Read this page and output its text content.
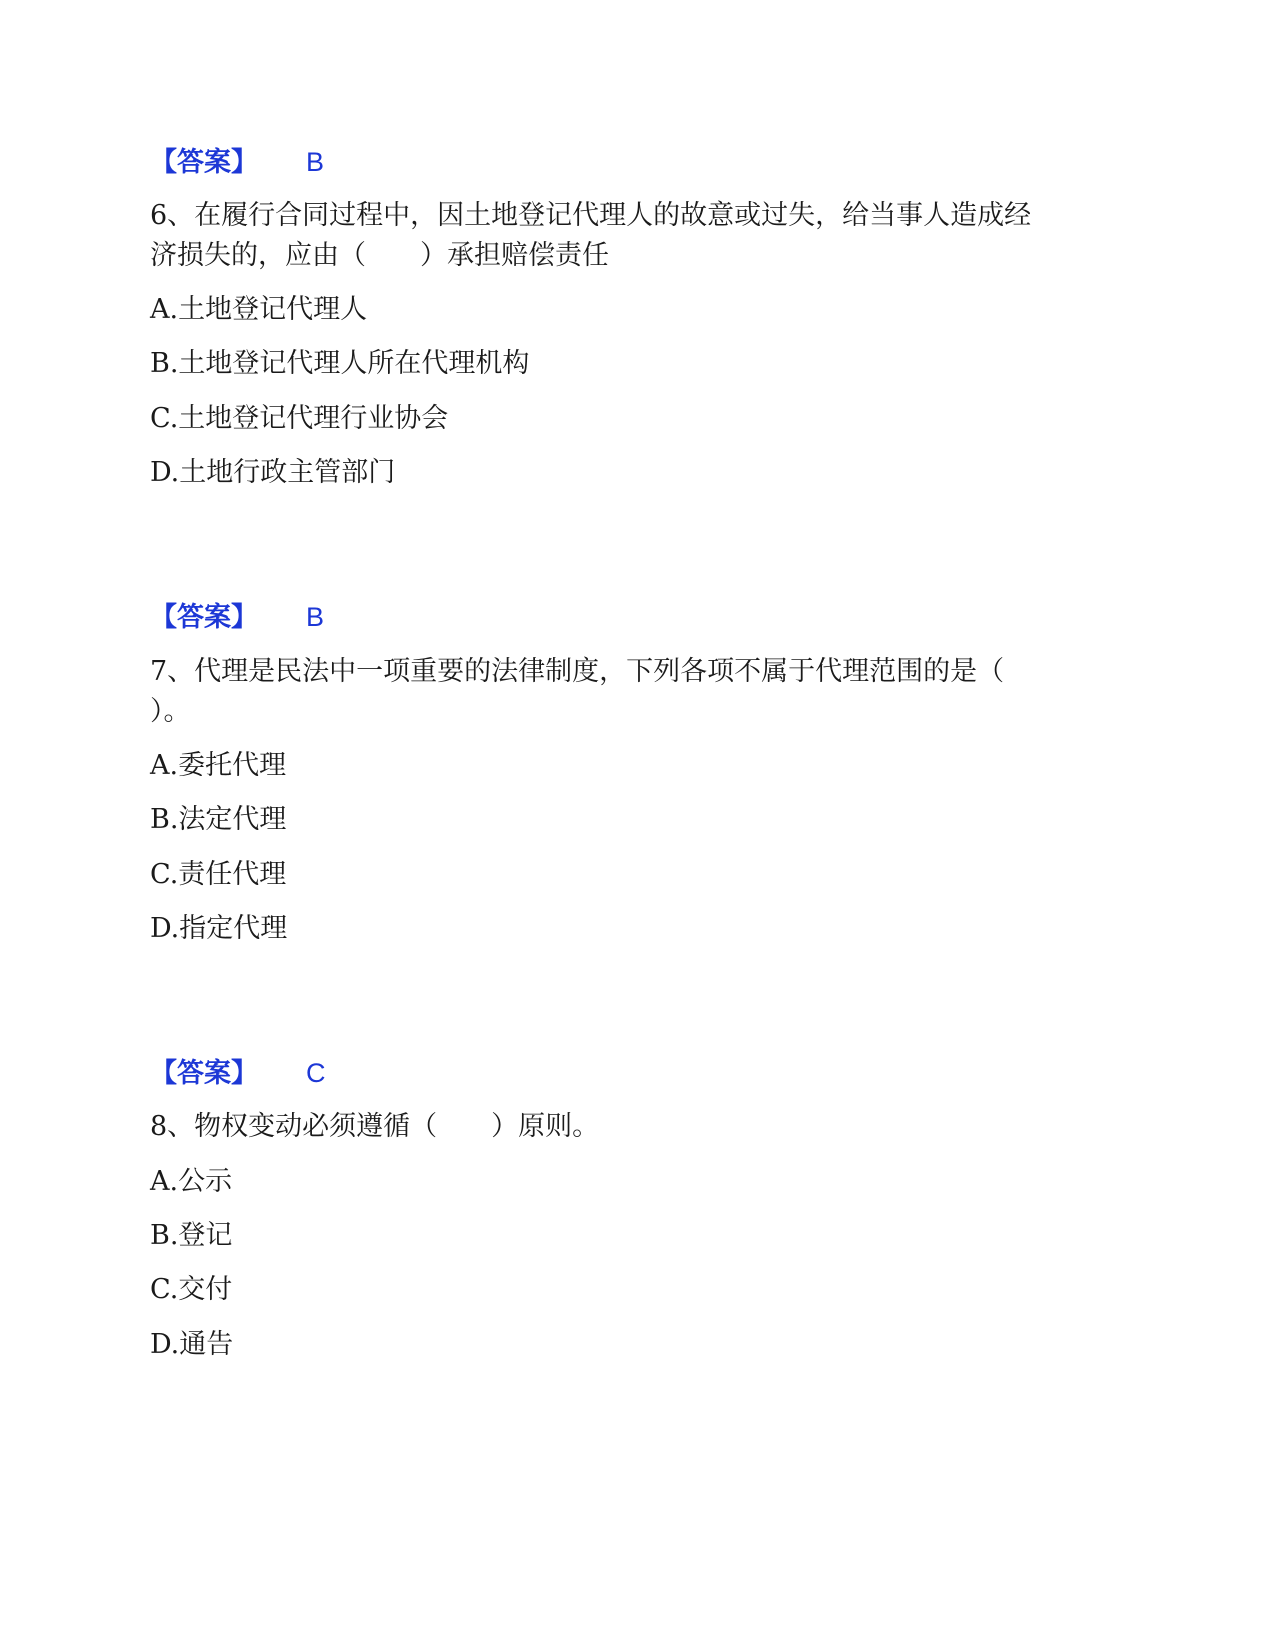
【答案】 B
6、在履行合同过程中，因土地登记代理人的故意或过失，给当事人造成经
济损失的，应由（　　）承担赔偿责任
A.土地登记代理人
B.土地登记代理人所在代理机构
C.土地登记代理行业协会
D.土地行政主管部门
【答案】 B
7、代理是民法中一项重要的法律制度，下列各项不属于代理范围的是（
）。
A.委托代理
B.法定代理
C.责任代理
D.指定代理
【答案】 C
8、物权变动必须遵循（　　）原则。
A.公示
B.登记
C.交付
D.通告
